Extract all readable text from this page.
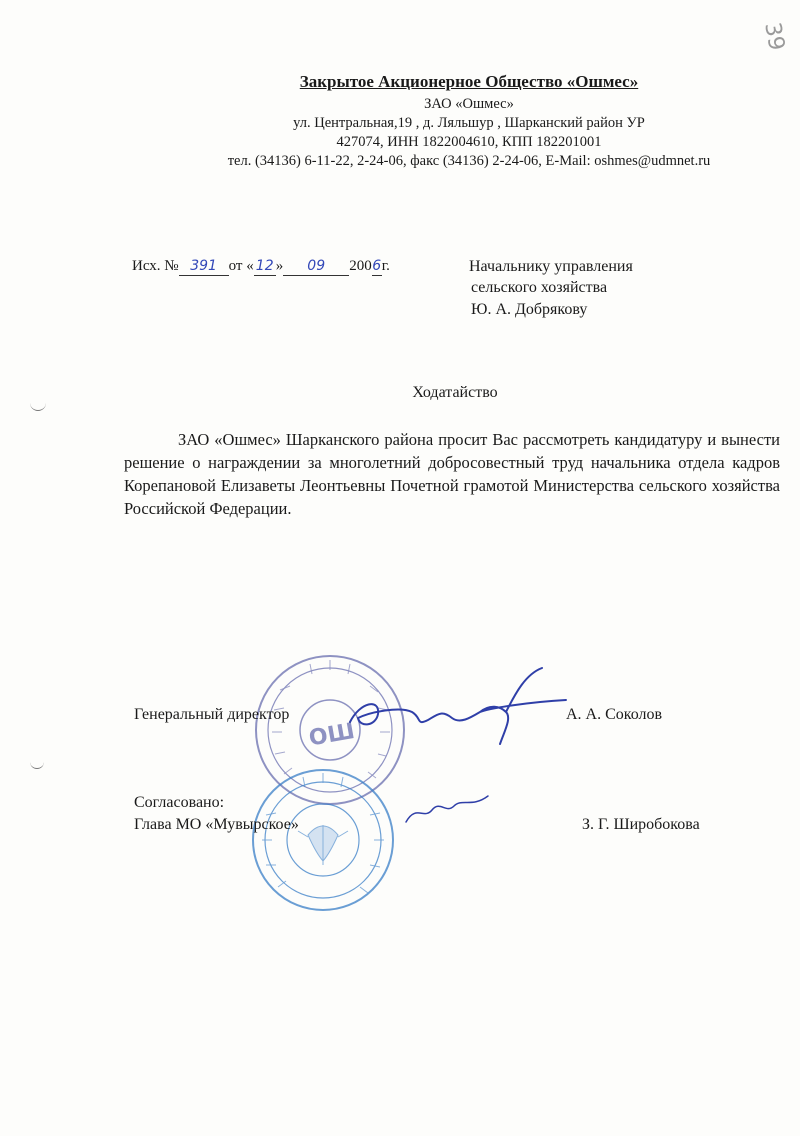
39
Закрытое Акционерное Общество «Ошмес»
ЗАО «Ошмес»
ул. Центральная,19 , д. Ляльшур , Шарканский район УР
427074, ИНН 1822004610, КПП 182201001
тел. (34136) 6-11-22, 2-24-06, факс (34136) 2-24-06, E-Mail: oshmes@udmnet.ru
Исх. № 391 от « 12 » 09 2006г.	Начальнику управления
сельского хозяйства
Ю. А. Добрякову
Ходатайство

ЗАО «Ошмес» Шарканского района просит Вас рассмотреть кандидатуру и вынести решение о награждении за многолетний добросовестный труд начальника отдела кадров Корепановой Елизаветы Леонтьевны Почетной грамотой Министерства сельского хозяйства Российской Федерации.

ОШ
Генеральный директор	А. А. Соколов
Согласовано:
Глава МО «Мувырское»	З. Г. Широбокова
